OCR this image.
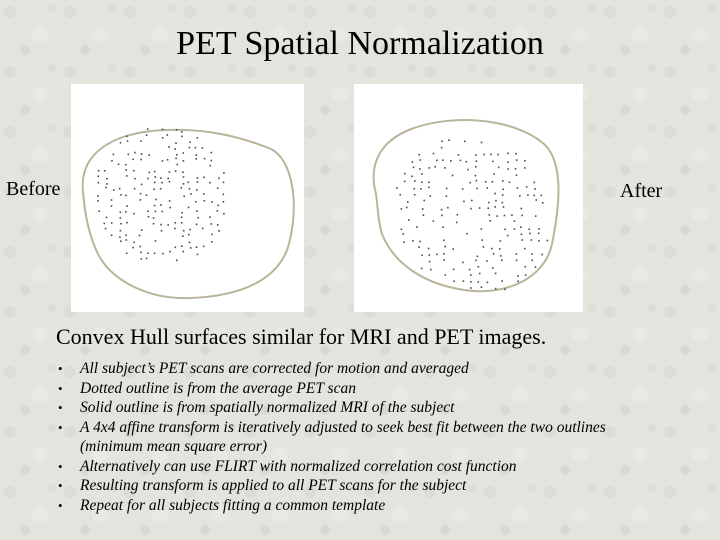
PET Spatial Normalization
Before	After
Convex Hull surfaces similar for MRI and PET images.
• All subject’s PET scans are corrected for motion and averaged
• Dotted outline is from the average PET scan
• Solid outline is from spatially normalized MRI of the subject
• A 4x4 affine transform is iteratively adjusted to seek best fit between the two outlines (minimum mean square error)
• Alternatively can use FLIRT with normalized correlation cost function
• Resulting transform is applied to all PET scans for the subject
• Repeat for all subjects fitting a common template
